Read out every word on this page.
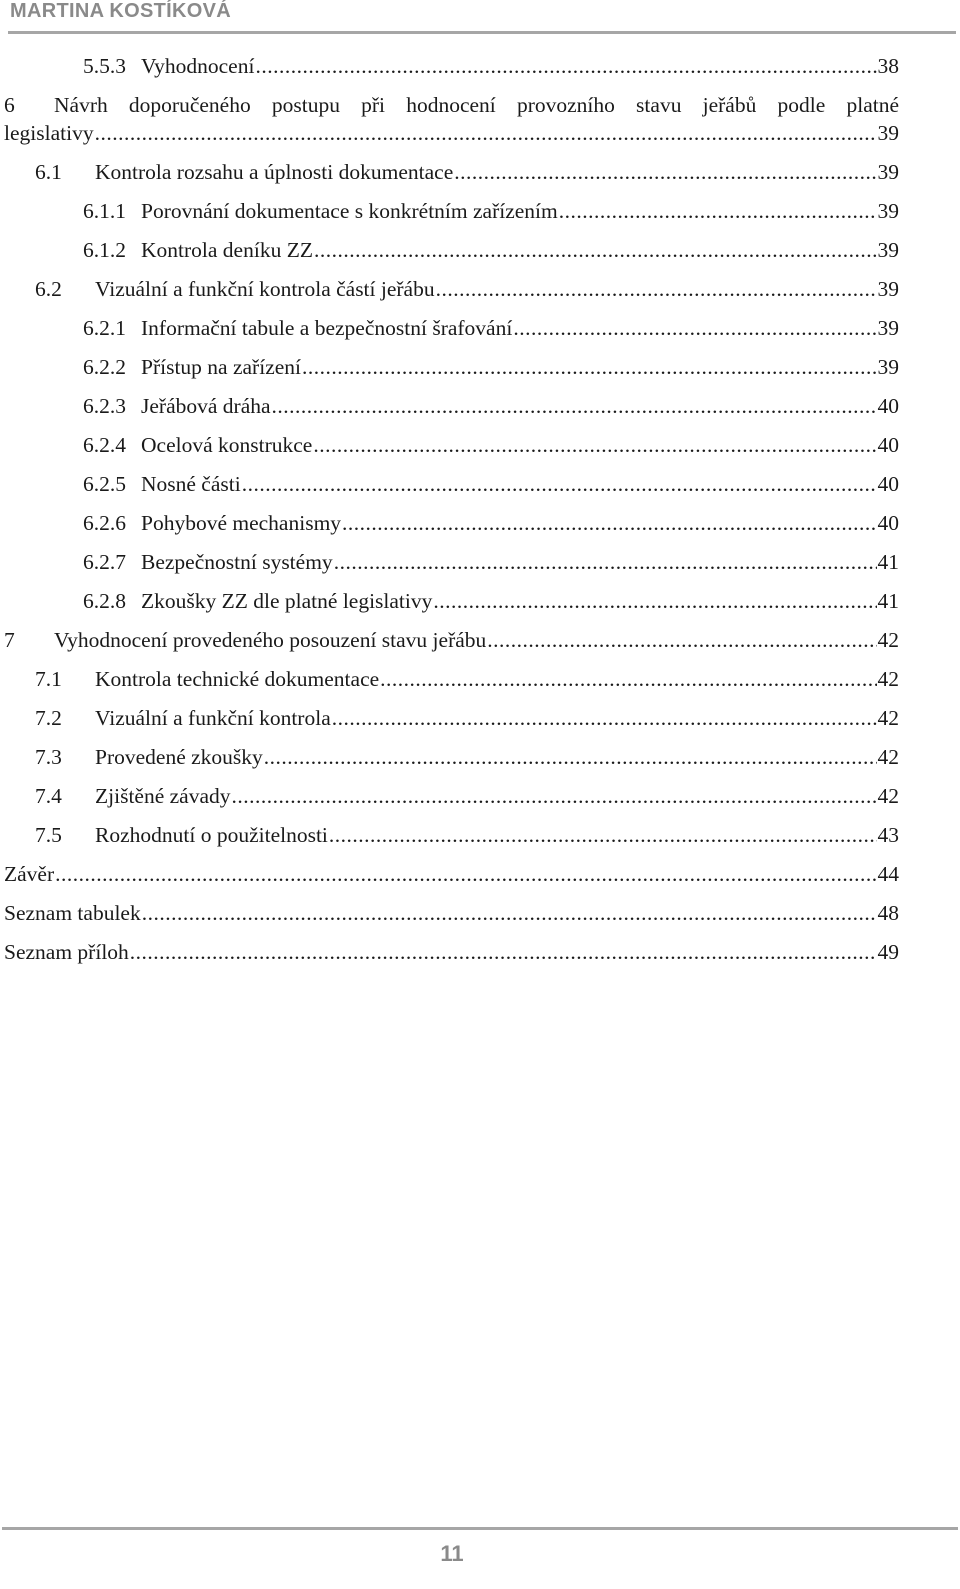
MARTINA KOSTÍKOVÁ
5.5.3 Vyhodnocení .....	38
6	Návrh doporučeného postupu při hodnocení provozního stavu jeřábů podle platné
legislativy .....	39
6.1	Kontrola rozsahu a úplnosti dokumentace .....	39
6.1.1 Porovnání dokumentace s konkrétním zařízením .....	39
6.1.2 Kontrola deníku ZZ .....	39
6.2	Vizuální a funkční kontrola částí jeřábu .....	39
6.2.1 Informační tabule a bezpečnostní šrafování .....	39
6.2.2 Přístup na zařízení .....	39
6.2.3 Jeřábová dráha .....	40
6.2.4 Ocelová konstrukce .....	40
6.2.5 Nosné části .....	40
6.2.6 Pohybové mechanismy .....	40
6.2.7 Bezpečnostní systémy .....	41
6.2.8 Zkoušky ZZ dle platné legislativy .....	41
7	Vyhodnocení provedeného posouzení stavu jeřábu .....	42
7.1	Kontrola technické dokumentace .....	42
7.2	Vizuální a funkční kontrola .....	42
7.3	Provedené zkoušky .....	42
7.4	Zjištěné závady .....	42
7.5	Rozhodnutí o použitelnosti .....	43
Závěr .....	44
Seznam tabulek .....	48
Seznam příloh .....	49
11
